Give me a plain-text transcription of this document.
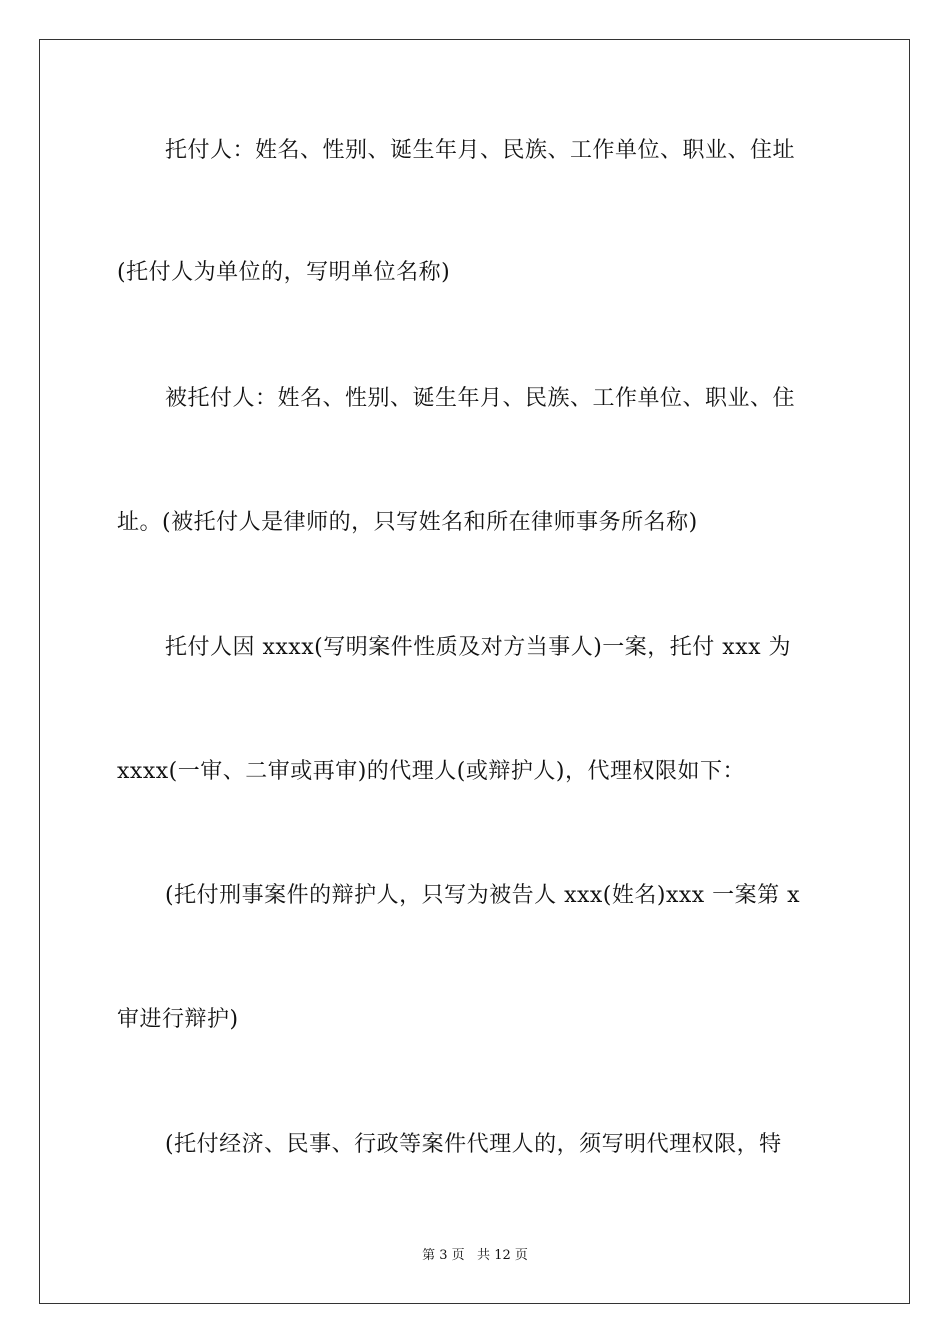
托付人：姓名、性别、诞生年月、民族、工作单位、职业、住址
(托付人为单位的，写明单位名称)
被托付人：姓名、性别、诞生年月、民族、工作单位、职业、住
址。(被托付人是律师的，只写姓名和所在律师事务所名称)
托付人因 xxxx(写明案件性质及对方当事人)一案，托付 xxx 为
xxxx(一审、二审或再审)的代理人(或辩护人)，代理权限如下：
(托付刑事案件的辩护人，只写为被告人 xxx(姓名)xxx 一案第 x
审进行辩护)
(托付经济、民事、行政等案件代理人的，须写明代理权限，特
第 3 页   共 12 页
